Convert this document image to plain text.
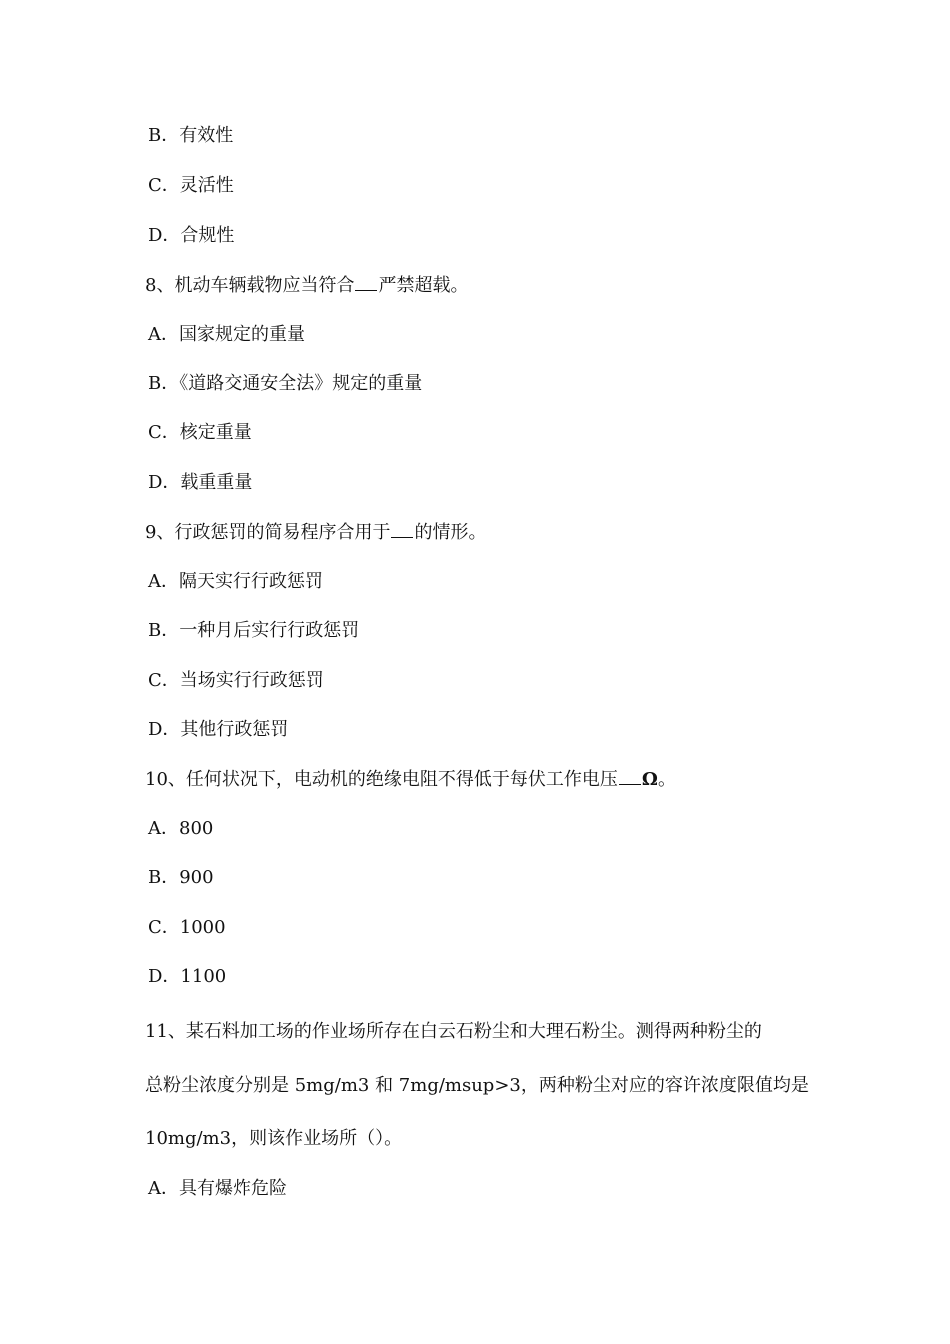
B．有效性
C．灵活性
D．合规性
8、机动车辆载物应当符合 严禁超载。
A．国家规定的重量
B．《道路交通安全法》规定的重量
C．核定重量
D．载重重量
9、行政惩罚的简易程序合用于 的情形。
A．隔天实行行政惩罚
B．一种月后实行行政惩罚
C．当场实行行政惩罚
D．其他行政惩罚
10、任何状况下，电动机的绝缘电阻不得低于每伏工作电压 Ω。
A．800
B．900
C．1000
D．1100
11、某石料加工场的作业场所存在白云石粉尘和大理石粉尘。测得两种粉尘的
总粉尘浓度分别是 5mg/m3 和 7mg/msup>3，两种粉尘对应的容许浓度限值均是
10mg/m3，则该作业场所（）。
A．具有爆炸危险
